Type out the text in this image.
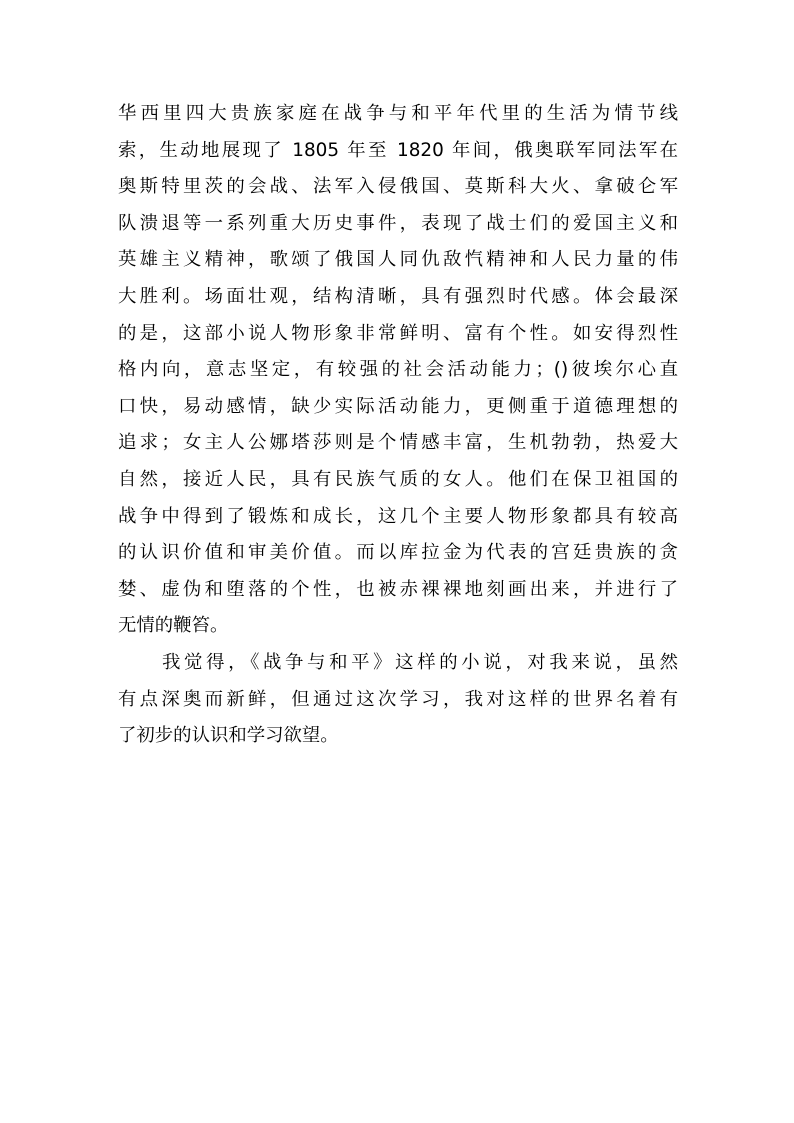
华西里四大贵族家庭在战争与和平年代里的生活为情节线
索，生动地展现了 1805 年至 1820 年间，俄奥联军同法军在
奥斯特里茨的会战、法军入侵俄国、莫斯科大火、拿破仑军
队溃退等一系列重大历史事件，表现了战士们的爱国主义和
英雄主义精神，歌颂了俄国人同仇敌忾精神和人民力量的伟
大胜利。场面壮观，结构清晰，具有强烈时代感。体会最深
的是，这部小说人物形象非常鲜明、富有个性。如安得烈性
格内向，意志坚定，有较强的社会活动能力；()彼埃尔心直
口快，易动感情，缺少实际活动能力，更侧重于道德理想的
追求；女主人公娜塔莎则是个情感丰富，生机勃勃，热爱大
自然，接近人民，具有民族气质的女人。他们在保卫祖国的
战争中得到了锻炼和成长，这几个主要人物形象都具有较高
的认识价值和审美价值。而以库拉金为代表的宫廷贵族的贪
婪、虚伪和堕落的个性，也被赤裸裸地刻画出来，并进行了
无情的鞭笞。
我觉得，《战争与和平》这样的小说，对我来说，虽然
有点深奥而新鲜，但通过这次学习，我对这样的世界名着有
了初步的认识和学习欲望。
